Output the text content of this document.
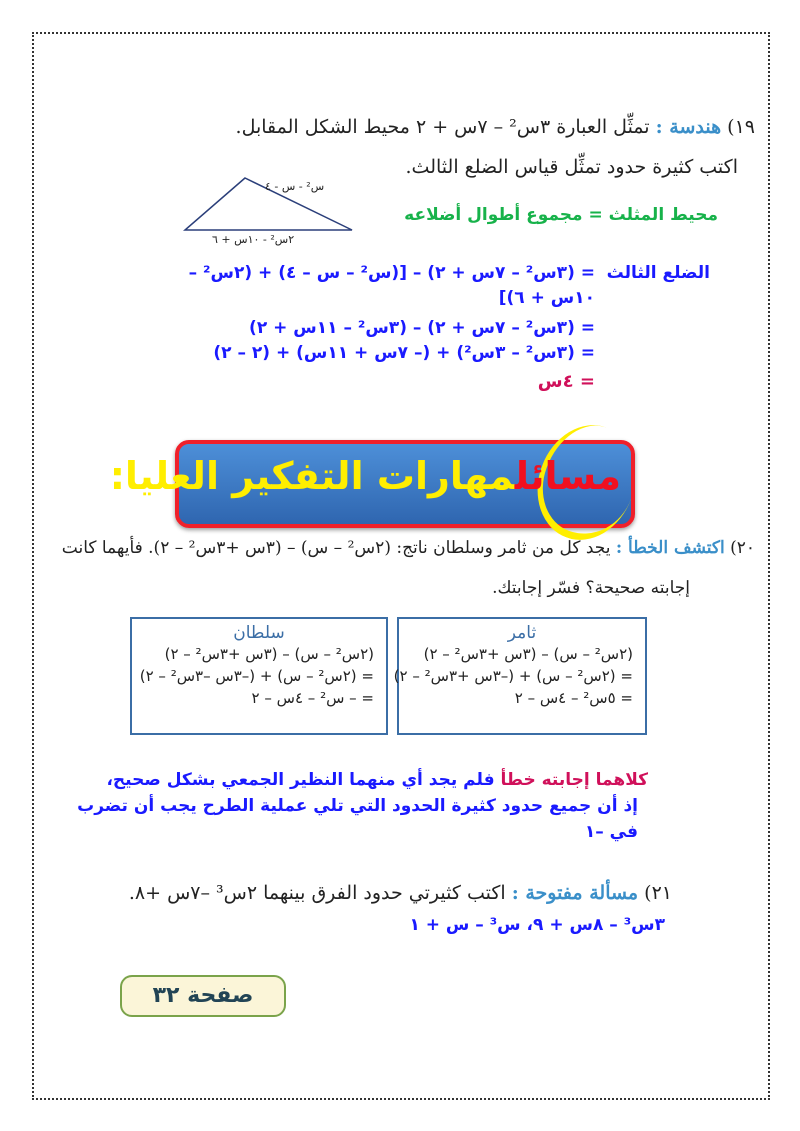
١٩) هندسة : تمثِّل العبارة ٣س² – ٧س + ٢ محيط الشكل المقابل.
اكتب كثيرة حدود تمثِّل قياس الضلع الثالث.
س² - س - ٤
٢س² - ١٠س + ٦
محيط المثلث = مجموع أطوال أضلاعه
الضلع الثالث
= (٣س² – ٧س + ٢) – [(س² – س – ٤) + (٢س² –
١٠س + ٦)]
= (٣س² – ٧س + ٢) – (٣س² – ١١س + ٢)
= (٣س² – ٣س²) + (– ٧س + ١١س) + (٢ – ٢)
= ٤س
مسائلمهارات التفكير العليا:
٢٠) اكتشف الخطأ : يجد كل من ثامر وسلطان ناتج: (٢س² – س) – (٣س +٣س² – ٢). فأيهما كانت
إجابته صحيحة؟ فسّر إجابتك.
ثامر
(٢س² – س) – (٣س +٣س² – ٢)
= (٢س² – س) + (–٣س +٣س² – ٢)
= ٥س² – ٤س – ٢
سلطان
(٢س² – س) – (٣س +٣س² – ٢)
= (٢س² – س) + (–٣س –٣س² – ٢)
= – س² – ٤س – ٢
كلاهما إجابته خطأ فلم يجد أي منهما النظير الجمعي بشكل صحيح،
إذ أن جميع حدود كثيرة الحدود التي تلي عملية الطرح يجب أن تضرب
في –١
٢١) مسألة مفتوحة : اكتب كثيرتي حدود الفرق بينهما ٢س³ –٧س +٨.
٣س³ – ٨س + ٩، س³ – س + ١
صفحة ٣٢
